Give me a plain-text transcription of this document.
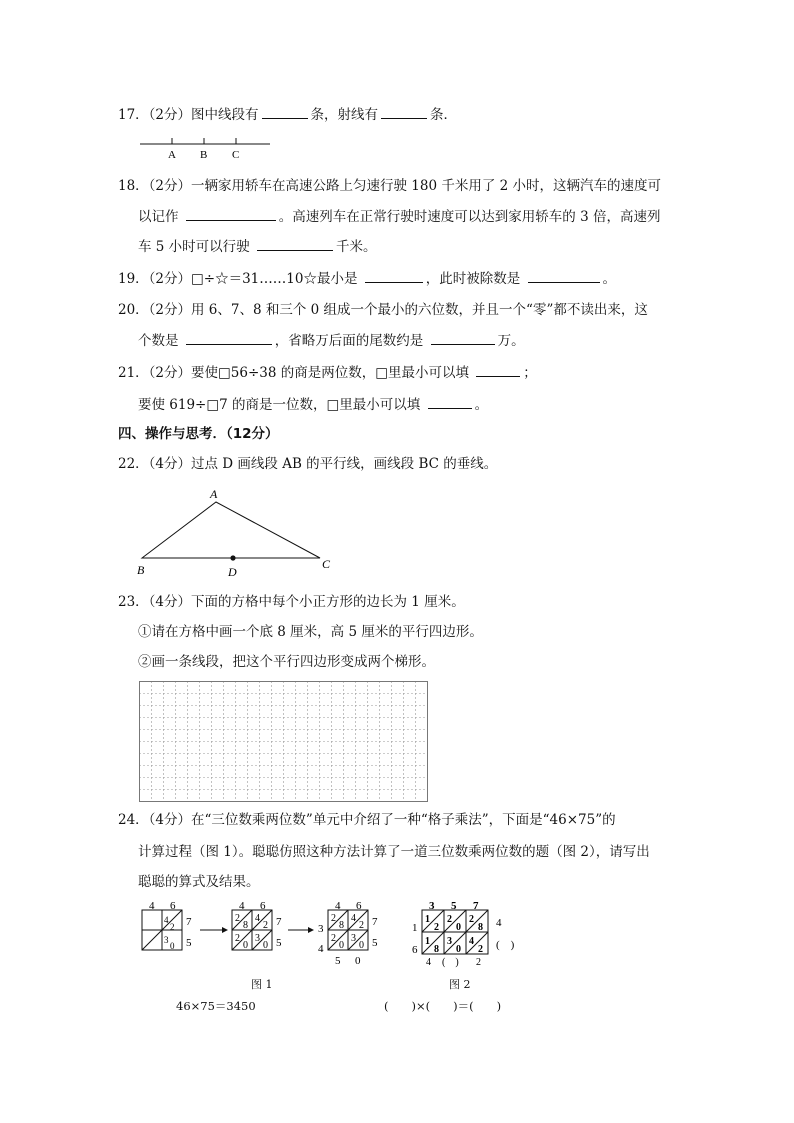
17．（2分）图中线段有	条，射线有	条．
A B C
18．（2分）一辆家用轿车在高速公路上匀速行驶 180 千米用了 2 小时，这辆汽车的速度可
以记作	。高速列车在正常行驶时速度可以达到家用轿车的 3 倍，高速列
车 5 小时可以行驶	千米。
19．（2分）□÷☆＝31……10☆最小是	，此时被除数是	。
20．（2分）用 6、7、8 和三个 0 组成一个最小的六位数，并且一个“零”都不读出来，这
个数是	，省略万后面的尾数约是	万。
21．（2分）要使□56÷38 的商是两位数，□里最小可以填	；
要使 619÷□7 的商是一位数，□里最小可以填	。
四、操作与思考．（12分）
22．（4分）过点 D 画线段 AB 的平行线，画线段 BC 的垂线。
A
B	D
C
23．（4分）下面的方格中每个小正方形的边长为 1 厘米。
①请在方格中画一个底 8 厘米，高 5 厘米的平行四边形。
②画一条线段，把这个平行四边形变成两个梯形。
24．（4分）在“三位数乘两位数”单元中介绍了一种“格子乘法”，下面是“46×75”的
计算过程（图 1）。聪聪仿照这种方法计算了一道三位数乘两位数的题（图 2），请写出
聪聪的算式及结果。
4 6
7
5
4
2
3
0
4 6
7
5
2
8
4
2
2
0
3
0
4 6
7
5
3
4
5 0
2
8
4
2
2
0
3
0
3 5 7
1
6
4
(　)
4 (　) 2
1
2
2
0
2
8
1
8
3
0
4
2
图 1	图 2
46×75＝3450	(　　)×(　　)＝(　　)
